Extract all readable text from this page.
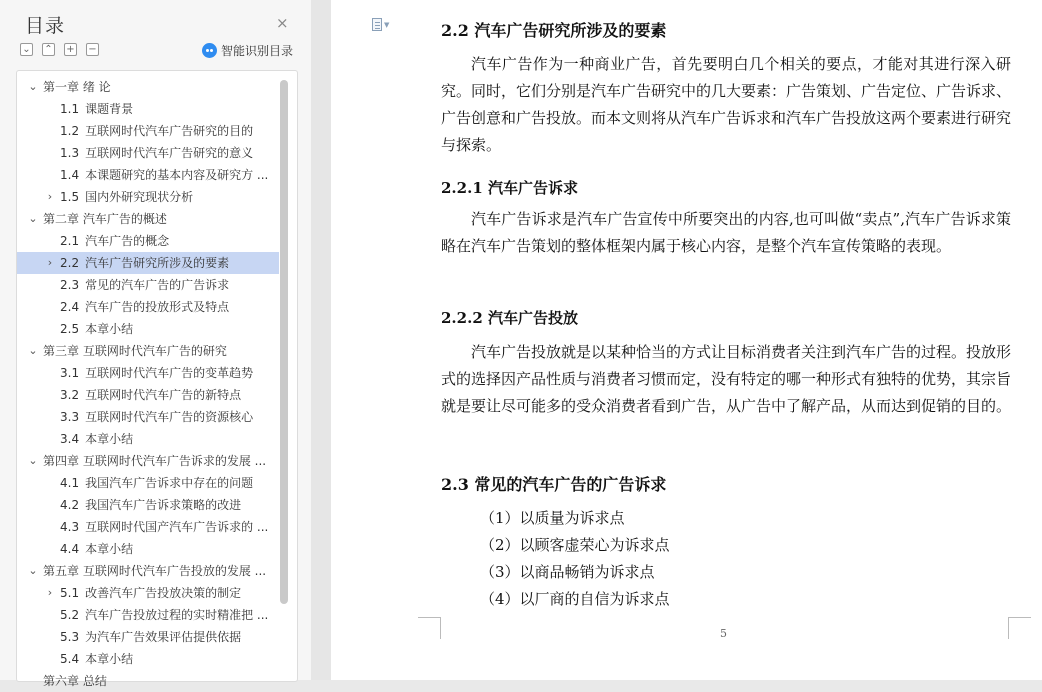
目录	×
⌄ ⌃ + −	智能识别目录
⌄ 第一章 绪 论
1.1 课题背景
1.2 互联网时代汽车广告研究的目的
1.3 互联网时代汽车广告研究的意义
1.4 本课题研究的基本内容及研究方 ...
› 1.5 国内外研究现状分析
⌄ 第二章 汽车广告的概述
2.1 汽车广告的概念
› 2.2 汽车广告研究所涉及的要素
2.3 常见的汽车广告的广告诉求
2.4 汽车广告的投放形式及特点
2.5 本章小结
⌄ 第三章 互联网时代汽车广告的研究
3.1 互联网时代汽车广告的变革趋势
3.2 互联网时代汽车广告的新特点
3.3 互联网时代汽车广告的资源核心
3.4 本章小结
⌄ 第四章 互联网时代汽车广告诉求的发展 ...
4.1 我国汽车广告诉求中存在的问题
4.2 我国汽车广告诉求策略的改进
4.3 互联网时代国产汽车广告诉求的 ...
4.4 本章小结
⌄ 第五章 互联网时代汽车广告投放的发展 ...
› 5.1 改善汽车广告投放决策的制定
5.2 汽车广告投放过程的实时精准把 ...
5.3 为汽车广告效果评估提供依据
5.4 本章小结
第六章 总结
▼	2.2 汽车广告研究所涉及的要素
汽车广告作为一种商业广告，首先要明白几个相关的要点，才能对其进行深入研究。同时，它们分别是汽车广告研究中的几大要素：广告策划、广告定位、广告诉求、广告创意和广告投放。而本文则将从汽车广告诉求和汽车广告投放这两个要素进行研究与探索。
2.2.1 汽车广告诉求
汽车广告诉求是汽车广告宣传中所要突出的内容,也可叫做“卖点”,汽车广告诉求策略在汽车广告策划的整体框架内属于核心内容，是整个汽车宣传策略的表现。
2.2.2 汽车广告投放
汽车广告投放就是以某种恰当的方式让目标消费者关注到汽车广告的过程。投放形式的选择因产品性质与消费者习惯而定，没有特定的哪一种形式有独特的优势，其宗旨就是要让尽可能多的受众消费者看到广告，从广告中了解产品，从而达到促销的目的。
2.3 常见的汽车广告的广告诉求
（1）以质量为诉求点
（2）以顾客虚荣心为诉求点
（3）以商品畅销为诉求点
（4）以厂商的自信为诉求点
5
